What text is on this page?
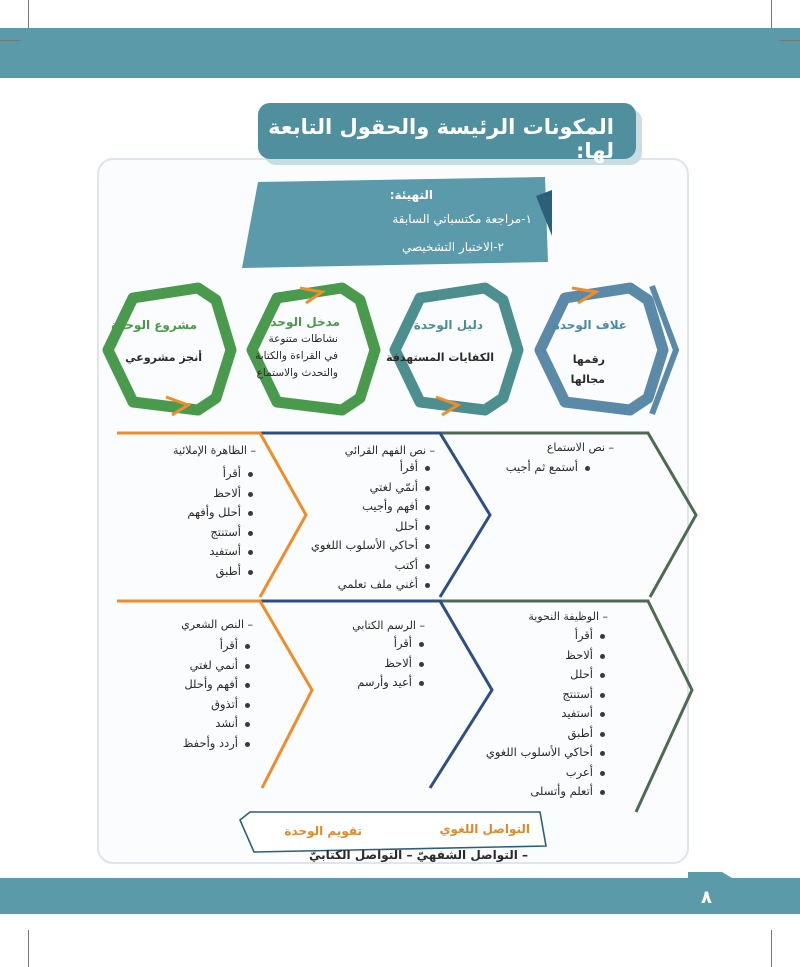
المكونات الرئيسة والحقول التابعة لها:
التهيئة:
١-مراجعة مكتسباتي السابقة
٢-الاختبار التشخيصي
غلاف الوحدة
رقمها
مجالها
دليل الوحدة
الكفايات المستهدفة
مدخل الوحدة
نشاطات متنوعة
في القراءة والكتابة
والتحدث والاستماع
مشروع الوحدة
أنجز مشروعي
– نص الاستماع
أستمع ثم أجيب
– نص الفهم القرائي
أقرأ
أنمّي لغتي
أفهم وأجيب
أحلل
أحاكي الأسلوب اللغوي
أكتب
أغني ملف تعلمي
– الظاهرة الإملائية
أقرأ
ألاحظ
أحلل وأفهم
أستنتج
أستفيد
أطبق
– الوظيفة النحوية
أقرأ
ألاحظ
أحلل
أستنتج
أستفيد
أطبق
أحاكي الأسلوب اللغوي
أعرب
أتعلم وأتسلى
– الرسم الكتابي
أقرأ
ألاحظ
أعيد وأرسم
– النص الشعري
أقرأ
أنمي لغتي
أفهم وأحلل
أتذوق
أنشد
أردد وأحفظ
التواصل اللغوي
تقويم الوحدة
– التواصل الشفهيّ – التواصل الكتابيّ
٨
